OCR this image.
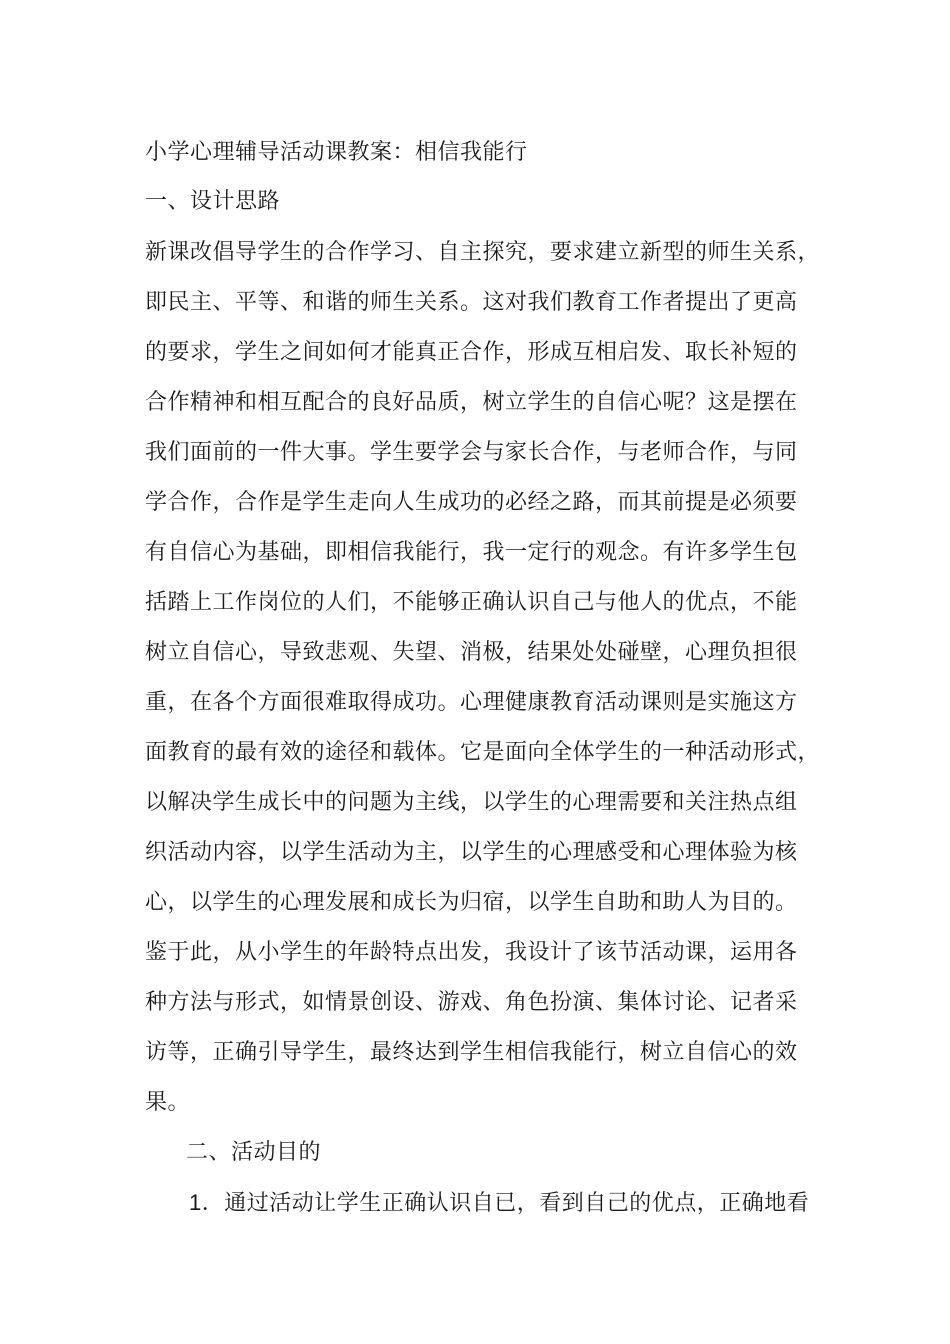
小学心理辅导活动课教案：相信我能行
一、设计思路
新课改倡导学生的合作学习、自主探究，要求建立新型的师生关系，
即民主、平等、和谐的师生关系。这对我们教育工作者提出了更高
的要求，学生之间如何才能真正合作，形成互相启发、取长补短的
合作精神和相互配合的良好品质，树立学生的自信心呢？这是摆在
我们面前的一件大事。学生要学会与家长合作，与老师合作，与同
学合作，合作是学生走向人生成功的必经之路，而其前提是必须要
有自信心为基础，即相信我能行，我一定行的观念。有许多学生包
括踏上工作岗位的人们，不能够正确认识自己与他人的优点，不能
树立自信心，导致悲观、失望、消极，结果处处碰壁，心理负担很
重，在各个方面很难取得成功。心理健康教育活动课则是实施这方
面教育的最有效的途径和载体。它是面向全体学生的一种活动形式，
以解决学生成长中的问题为主线，以学生的心理需要和关注热点组
织活动内容，以学生活动为主，以学生的心理感受和心理体验为核
心，以学生的心理发展和成长为归宿，以学生自助和助人为目的。
鉴于此，从小学生的年龄特点出发，我设计了该节活动课，运用各
种方法与形式，如情景创设、游戏、角色扮演、集体讨论、记者采
访等，正确引导学生，最终达到学生相信我能行，树立自信心的效
果。
二、活动目的
1．通过活动让学生正确认识自已，看到自己的优点，正确地看
